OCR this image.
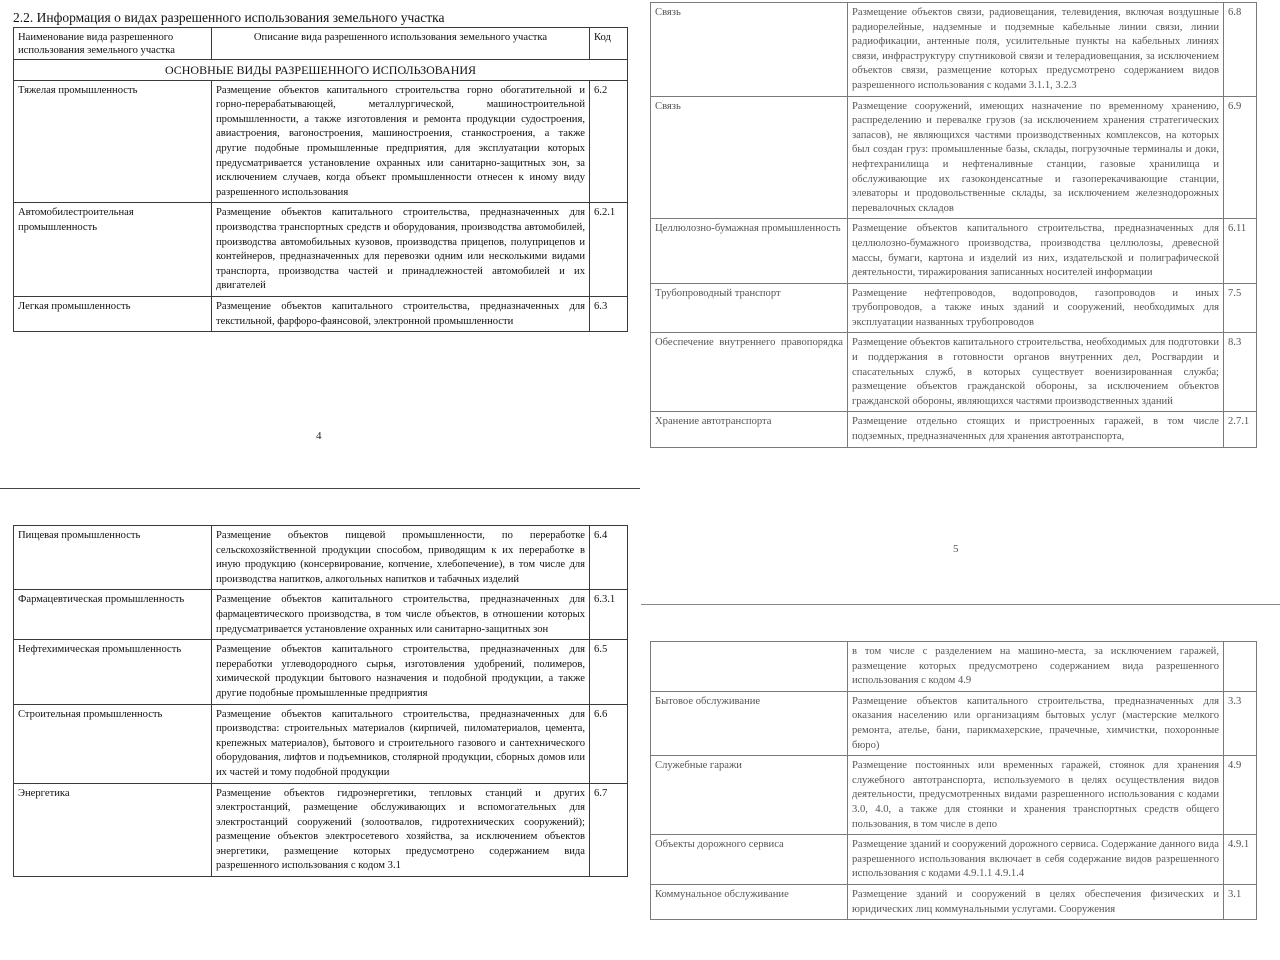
2.2. Информация о видах разрешенного использования земельного участка
Наименование вида разрешенного использования земельного участка	Описание вида разрешенного использования земельного участка	Код
ОСНОВНЫЕ ВИДЫ РАЗРЕШЕННОГО ИСПОЛЬЗОВАНИЯ		
Тяжелая промышленность	Размещение объектов капитального строительства горно обогатительной и горно-перерабатывающей, металлургической, машиностроительной промышленности, а также изготовления и ремонта продукции судостроения, авиастроения, вагоностроения, машиностроения, станкостроения, а также другие подобные промышленные предприятия, для эксплуатации которых предусматривается установление охранных или санитарно-защитных зон, за исключением случаев, когда объект промышленности отнесен к иному виду разрешенного использования	6.2
Автомобилестроительная промышленность	Размещение объектов капитального строительства, предназначенных для производства транспортных средств и оборудования, производства автомобилей, производства автомобильных кузовов, производства прицепов, полуприцепов и контейнеров, предназначенных для перевозки одним или несколькими видами транспорта, производства частей и принадлежностей автомобилей и их двигателей	6.2.1
Легкая промышленность	Размещение объектов капитального строительства, предназначенных для текстильной, фарфоро-фаянсовой, электронной промышленности	6.3
4
Пищевая промышленность	Размещение объектов пищевой промышленности, по переработке сельскохозяйственной продукции способом, приводящим к их переработке в иную продукцию (консервирование, копчение, хлебопечение), в том числе для производства напитков, алкогольных напитков и табачных изделий	6.4
Фармацевтическая промышленность	Размещение объектов капитального строительства, предназначенных для фармацевтического производства, в том числе объектов, в отношении которых предусматривается установление охранных или санитарно-защитных зон	6.3.1
Нефтехимическая промышленность	Размещение объектов капитального строительства, предназначенных для переработки углеводородного сырья, изготовления удобрений, полимеров, химической продукции бытового назначения и подобной продукции, а также другие подобные промышленные предприятия	6.5
Строительная промышленность	Размещение объектов капитального строительства, предназначенных для производства: строительных материалов (кирпичей, пиломатериалов, цемента, крепежных материалов), бытового и строительного газового и сантехнического оборудования, лифтов и подъемников, столярной продукции, сборных домов или их частей и тому подобной продукции	6.6
Энергетика	Размещение объектов гидроэнергетики, тепловых станций и других электростанций, размещение обслуживающих и вспомогательных для электростанций сооружений (золоотвалов, гидротехнических сооружений); размещение объектов электросетевого хозяйства, за исключением объектов энергетики, размещение которых предусмотрено содержанием вида разрешенного использования с кодом 3.1	6.7
Связь	Размещение объектов связи, радиовещания, телевидения, включая воздушные радиорелейные, надземные и подземные кабельные линии связи, линии радиофикации, антенные поля, усилительные пункты на кабельных линиях связи, инфраструктуру спутниковой связи и телерадиовещания, за исключением объектов связи, размещение которых предусмотрено содержанием видов разрешенного использования с кодами 3.1.1, 3.2.3	6.8
Связь	Размещение сооружений, имеющих назначение по временному хранению, распределению и перевалке грузов (за исключением хранения стратегических запасов), не являющихся частями производственных комплексов, на которых был создан груз: промышленные базы, склады, погрузочные терминалы и доки, нефтехранилища и нефтеналивные станции, газовые хранилища и обслуживающие их газоконденсатные и газоперекачивающие станции, элеваторы и продовольственные склады, за исключением железнодорожных перевалочных складов	6.9
Целлюлозно-бумажная промышленность	Размещение объектов капитального строительства, предназначенных для целлюлозно-бумажного производства, производства целлюлозы, древесной массы, бумаги, картона и изделий из них, издательской и полиграфической деятельности, тиражирования записанных носителей информации	6.11
Трубопроводный транспорт	Размещение нефтепроводов, водопроводов, газопроводов и иных трубопроводов, а также иных зданий и сооружений, необходимых для эксплуатации названных трубопроводов	7.5
Обеспечение внутреннего правопорядка	Размещение объектов капитального строительства, необходимых для подготовки и поддержания в готовности органов внутренних дел, Росгвардии и спасательных служб, в которых существует военизированная служба; размещение объектов гражданской обороны, за исключением объектов гражданской обороны, являющихся частями производственных зданий	8.3
Хранение автотранспорта	Размещение отдельно стоящих и пристроенных гаражей, в том числе подземных, предназначенных для хранения автотранспорта,	2.7.1
5
	в том числе с разделением на машино-места, за исключением гаражей, размещение которых предусмотрено содержанием вида разрешенного использования с кодом 4.9	
Бытовое обслуживание	Размещение объектов капитального строительства, предназначенных для оказания населению или организациям бытовых услуг (мастерские мелкого ремонта, ателье, бани, парикмахерские, прачечные, химчистки, похоронные бюро)	3.3
Служебные гаражи	Размещение постоянных или временных гаражей, стоянок для хранения служебного автотранспорта, используемого в целях осуществления видов деятельности, предусмотренных видами разрешенного использования с кодами 3.0, 4.0, а также для стоянки и хранения транспортных средств общего пользования, в том числе в депо	4.9
Объекты дорожного сервиса	Размещение зданий и сооружений дорожного сервиса. Содержание данного вида разрешенного использования включает в себя содержание видов разрешенного использования с кодами 4.9.1.1 4.9.1.4	4.9.1
Коммунальное обслуживание	Размещение зданий и сооружений в целях обеспечения физических и юридических лиц коммунальными услугами. Сооружения	3.1
